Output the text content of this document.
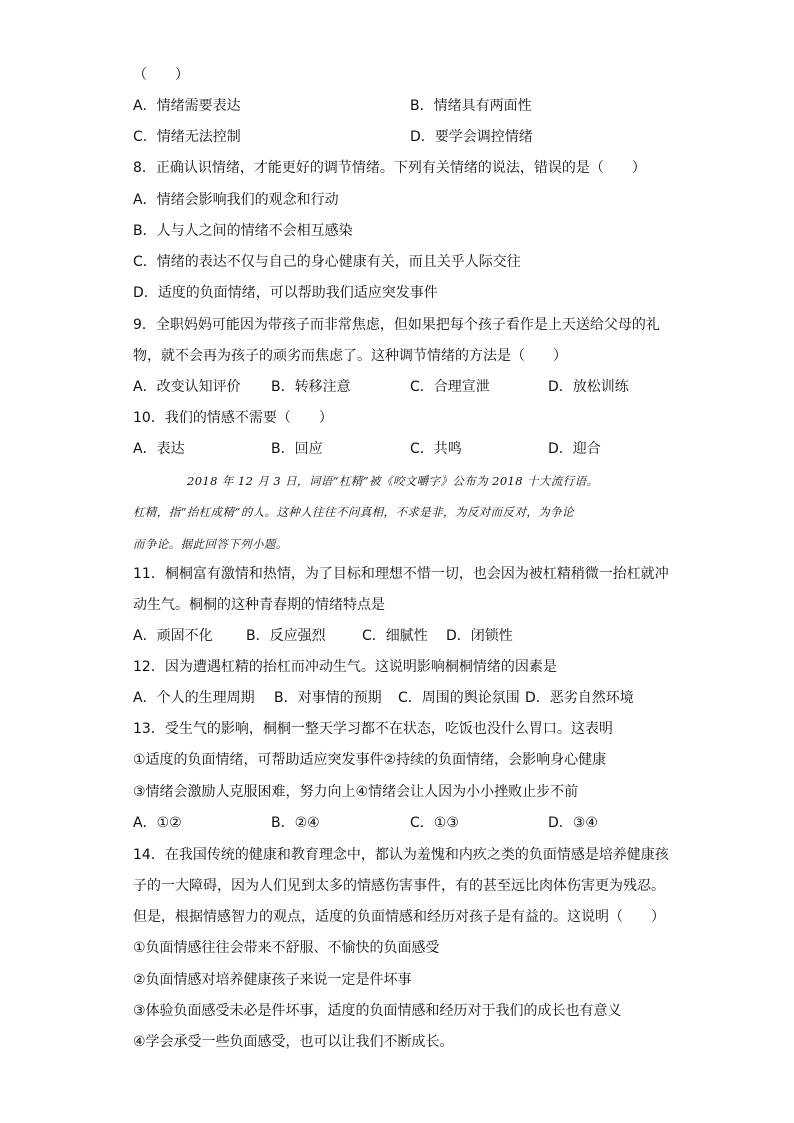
（　　）
A．情绪需要表达	B．情绪具有两面性
C．情绪无法控制	D．要学会调控情绪
8．正确认识情绪，才能更好的调节情绪。下列有关情绪的说法，错误的是（　　）
A．情绪会影响我们的观念和行动
B．人与人之间的情绪不会相互感染
C．情绪的表达不仅与自己的身心健康有关，而且关乎人际交往
D．适度的负面情绪，可以帮助我们适应突发事件
9．全职妈妈可能因为带孩子而非常焦虑，但如果把每个孩子看作是上天送给父母的礼
物，就不会再为孩子的顽劣而焦虑了。这种调节情绪的方法是（　　）
A．改变认知评价 B．转移注意	C．合理宣泄	D．放松训练
10．我们的情感不需要（　　）
A．表达	B．回应	C．共鸣	D．迎合
2018 年 12 月 3 日，词语“杠精”被《咬文嚼字》公布为 2018 十大流行语。
杠精，指“抬杠成精”的人。这种人往往不问真相，不求是非，为反对而反对，为争论
而争论。据此回答下列小题。
11．桐桐富有激情和热情，为了目标和理想不惜一切，也会因为被杠精稍微一抬杠就冲
动生气。桐桐的这种青春期的情绪特点是
A．顽固不化 B．反应强烈	C．细腻性 D．闭锁性
12．因为遭遇杠精的抬杠而冲动生气。这说明影响桐桐情绪的因素是
A．个人的生理周期 B．对事情的预期 C．周围的舆论氛围 D．恶劣自然环境
13．受生气的影响，桐桐一整天学习都不在状态，吃饭也没什么胃口。这表明
①适度的负面情绪，可帮助适应突发事件②持续的负面情绪，会影响身心健康
③情绪会激励人克服困难，努力向上④情绪会让人因为小小挫败止步不前
A．①②	B．②④	C．①③	D．③④
14．在我国传统的健康和教育理念中，都认为羞愧和内疚之类的负面情感是培养健康孩
子的一大障碍，因为人们见到太多的情感伤害事件，有的甚至远比肉体伤害更为残忍。
但是，根据情感智力的观点，适度的负面情感和经历对孩子是有益的。这说明（　　）
①负面情感往往会带来不舒服、不愉快的负面感受
②负面情感对培养健康孩子来说一定是件坏事
③体验负面感受未必是件坏事，适度的负面情感和经历对于我们的成长也有意义
④学会承受一些负面感受，也可以让我们不断成长。
